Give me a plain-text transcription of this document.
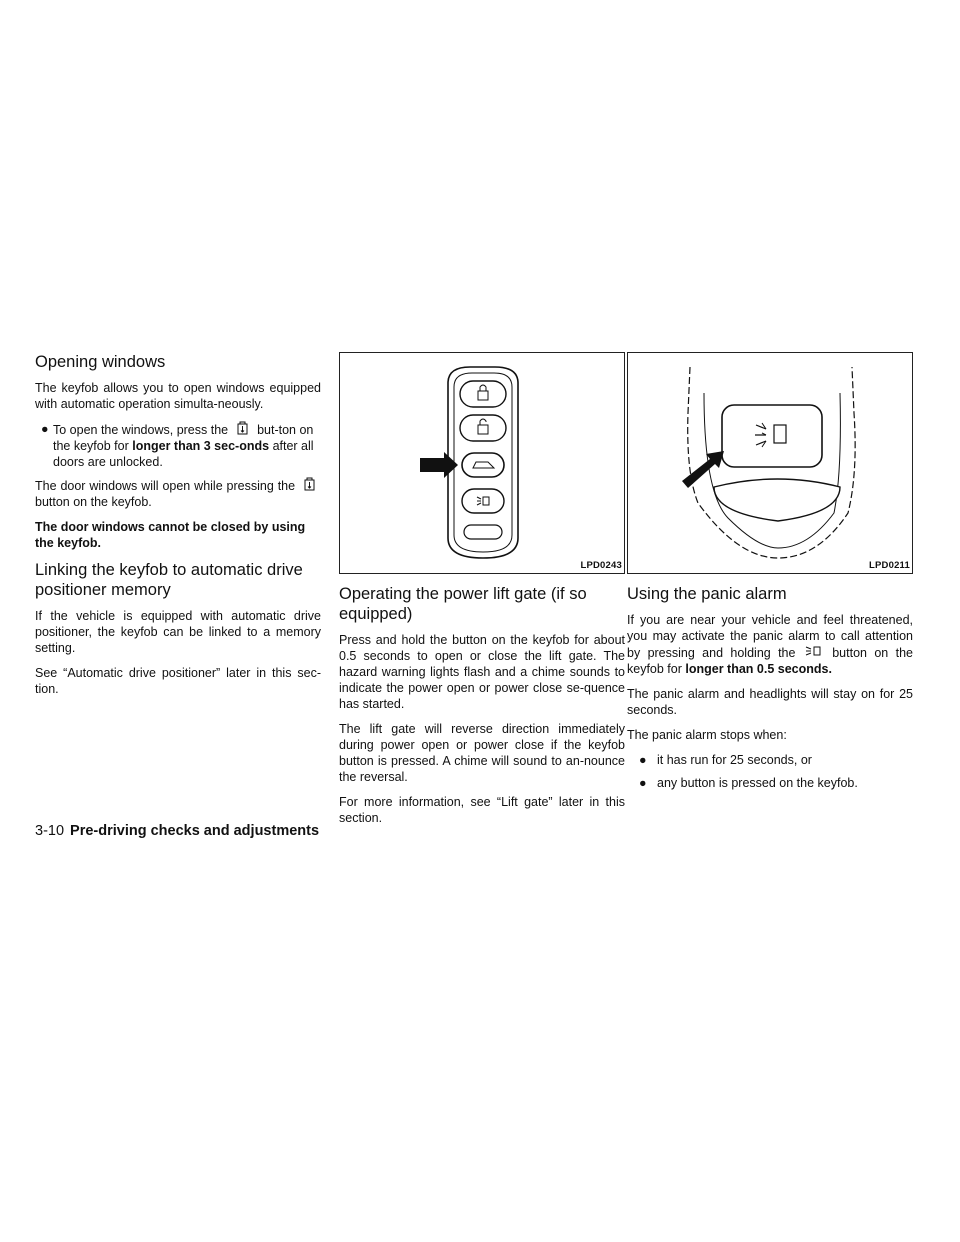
Opening windows

The keyfob allows you to open windows equipped with automatic operation simulta-neously.

● To open the windows, press the but-ton on the keyfob for longer than 3 sec-onds after all doors are unlocked.

The door windows will open while pressing the  button on the keyfob.

The door windows cannot be closed by using the keyfob.

Linking the keyfob to automatic drive positioner memory

If the vehicle is equipped with automatic drive positioner, the keyfob can be linked to a memory setting.

See “Automatic drive positioner” later in this sec-tion.

LPD0243
Operating the power lift gate (if so equipped)

Press and hold the button on the keyfob for about 0.5 seconds to open or close the lift gate. The hazard warning lights flash and a chime sounds to indicate the power open or power close se-quence has started.

The lift gate will reverse direction immediately during power open or power close if the keyfob button is pressed. A chime will sound to an-nounce the reversal.

For more information, see “Lift gate” later in this section.

LPD0211
Using the panic alarm

If you are near your vehicle and feel threatened, you may activate the panic alarm to call attention by pressing and holding the	button on the keyfob for longer than 0.5 seconds.

The panic alarm and headlights will stay on for 25 seconds.

The panic alarm stops when:

● it has run for 25 seconds, or
● any button is pressed on the keyfob.
3-10 Pre-driving checks and adjustments
